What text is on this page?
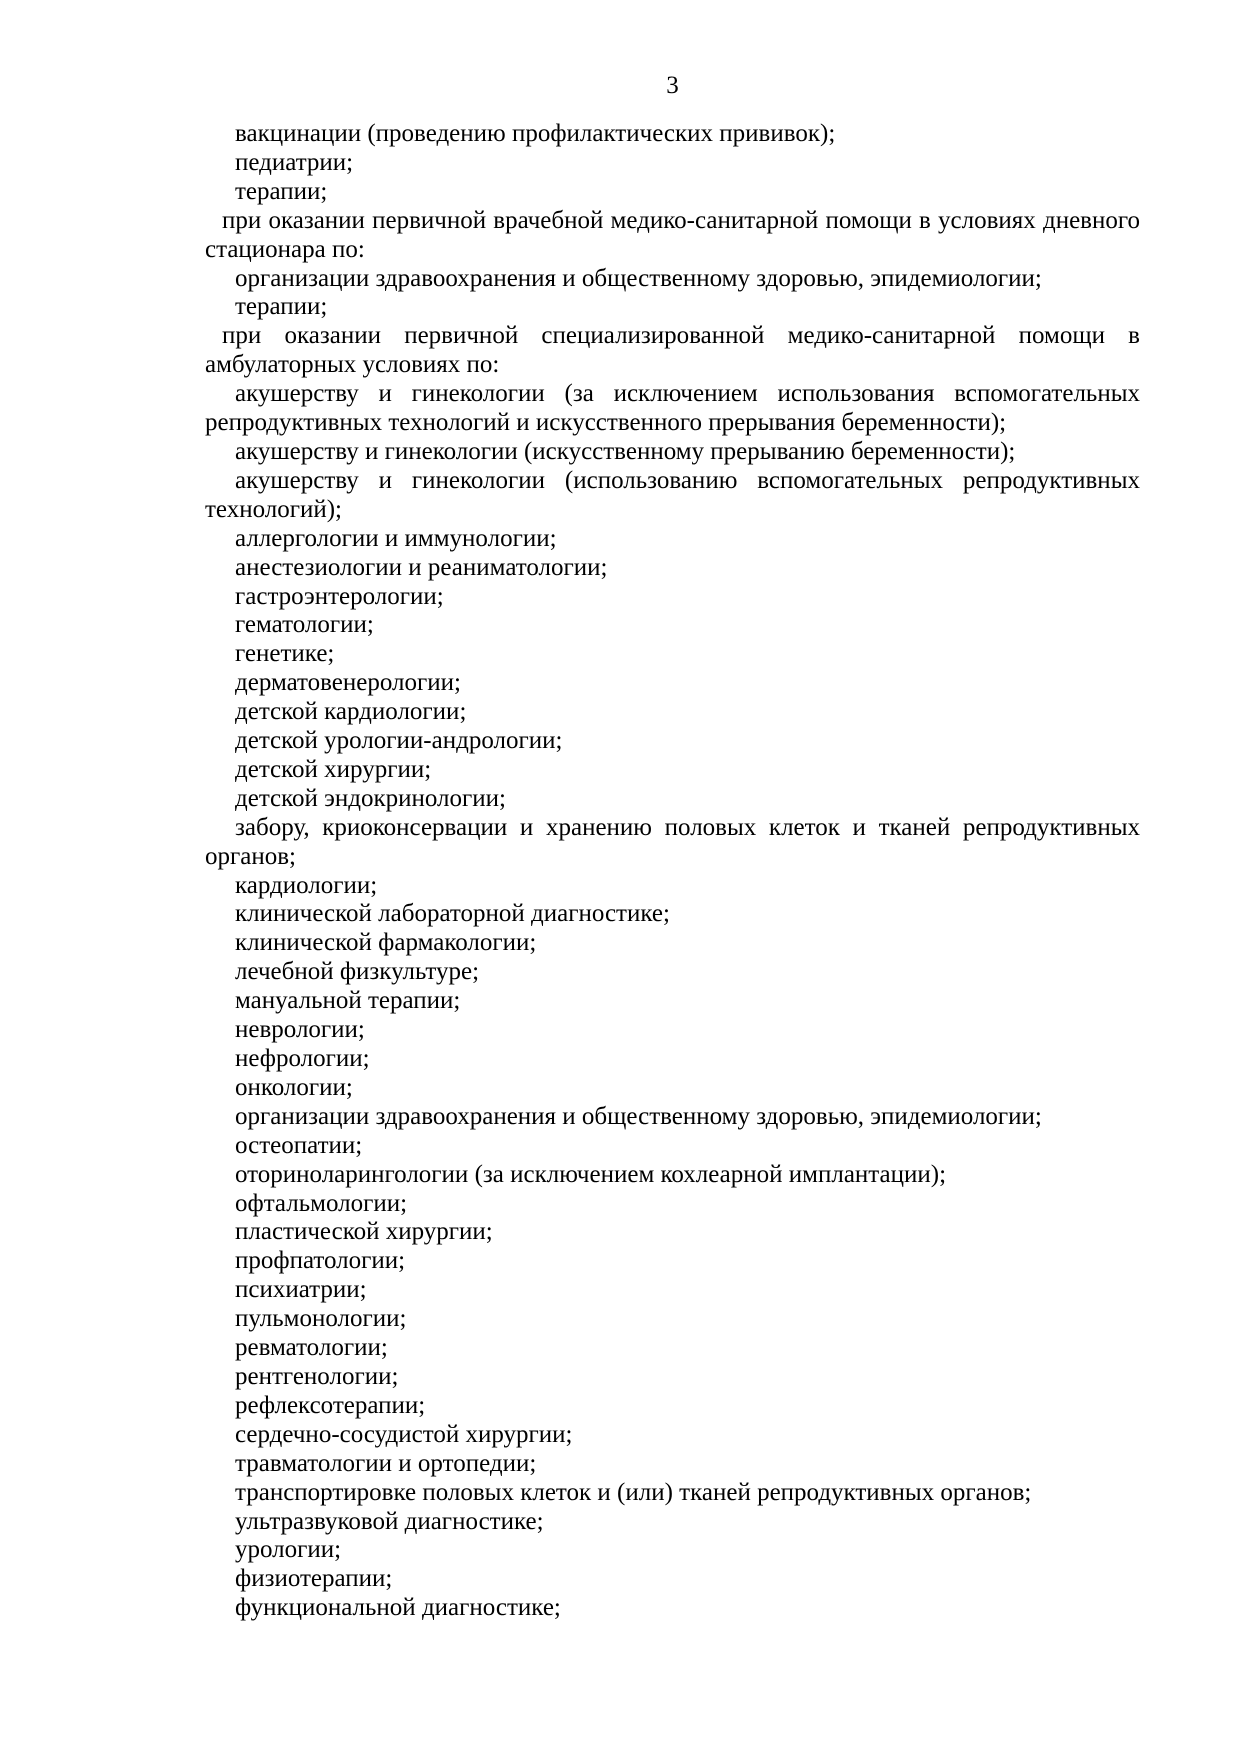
3

вакцинации (проведению профилактических прививок);

педиатрии;

терапии;

при оказании первичной врачебной медико-санитарной помощи в условиях дневного стационара по:

организации здравоохранения и общественному здоровью, эпидемиологии;

терапии;

при оказании первичной специализированной медико-санитарной помощи в амбулаторных условиях по:

акушерству и гинекологии (за исключением использования вспомогательных репродуктивных технологий и искусственного прерывания беременности);

акушерству и гинекологии (искусственному прерыванию беременности);

акушерству и гинекологии (использованию вспомогательных репродуктивных технологий);

аллергологии и иммунологии;

анестезиологии и реаниматологии;

гастроэнтерологии;

гематологии;

генетике;

дерматовенерологии;

детской кардиологии;

детской урологии-андрологии;

детской хирургии;

детской эндокринологии;

забору, криоконсервации и хранению половых клеток и тканей репродуктивных органов;

кардиологии;

клинической лабораторной диагностике;

клинической фармакологии;

лечебной физкультуре;

мануальной терапии;

неврологии;

нефрологии;

онкологии;

организации здравоохранения и общественному здоровью, эпидемиологии;

остеопатии;

оториноларингологии (за исключением кохлеарной имплантации);

офтальмологии;

пластической хирургии;

профпатологии;

психиатрии;

пульмонологии;

ревматологии;

рентгенологии;

рефлексотерапии;

сердечно-сосудистой хирургии;

травматологии и ортопедии;

транспортировке половых клеток и (или) тканей репродуктивных органов;

ультразвуковой диагностике;

урологии;

физиотерапии;

функциональной диагностике;
